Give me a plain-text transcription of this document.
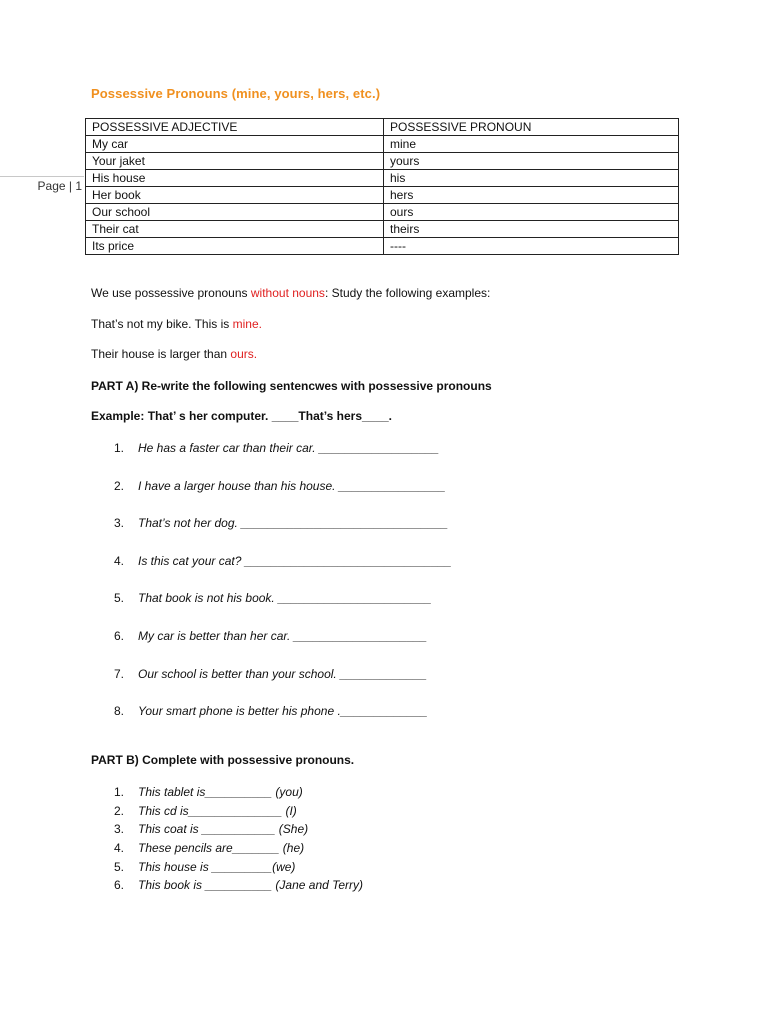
Page | 1
Possessive Pronouns (mine, yours, hers, etc.)
POSSESSIVE ADJECTIVE	POSSESSIVE PRONOUN
My car	mine
Your jaket	yours
His house	his
Her book	hers
Our school	ours
Their cat	theirs
Its price	----
We use possessive pronouns without nouns: Study the following examples:
That’s not my bike. This is mine.
Their house is larger than ours.
PART A) Re-write the following sentencwes with possessive pronouns
Example: That’ s her computer. ____That’s hers____.
1. He has a faster car than their car. __________________
2. I have a larger house than his house. ________________
3. That’s not her dog. _______________________________
4. Is this cat your cat? _______________________________
5. That book is not his book. _______________________
6. My car is better than her car. ____________________
7. Our school is better than your school. _____________
8. Your smart phone is better his phone ._____________
PART B) Complete with possessive pronouns.
1. This tablet is__________ (you)
2. This cd is______________ (I)
3. This coat is ___________ (She)
4. These pencils are_______ (he)
5. This house is _________(we)
6. This book is __________ (Jane and Terry)
